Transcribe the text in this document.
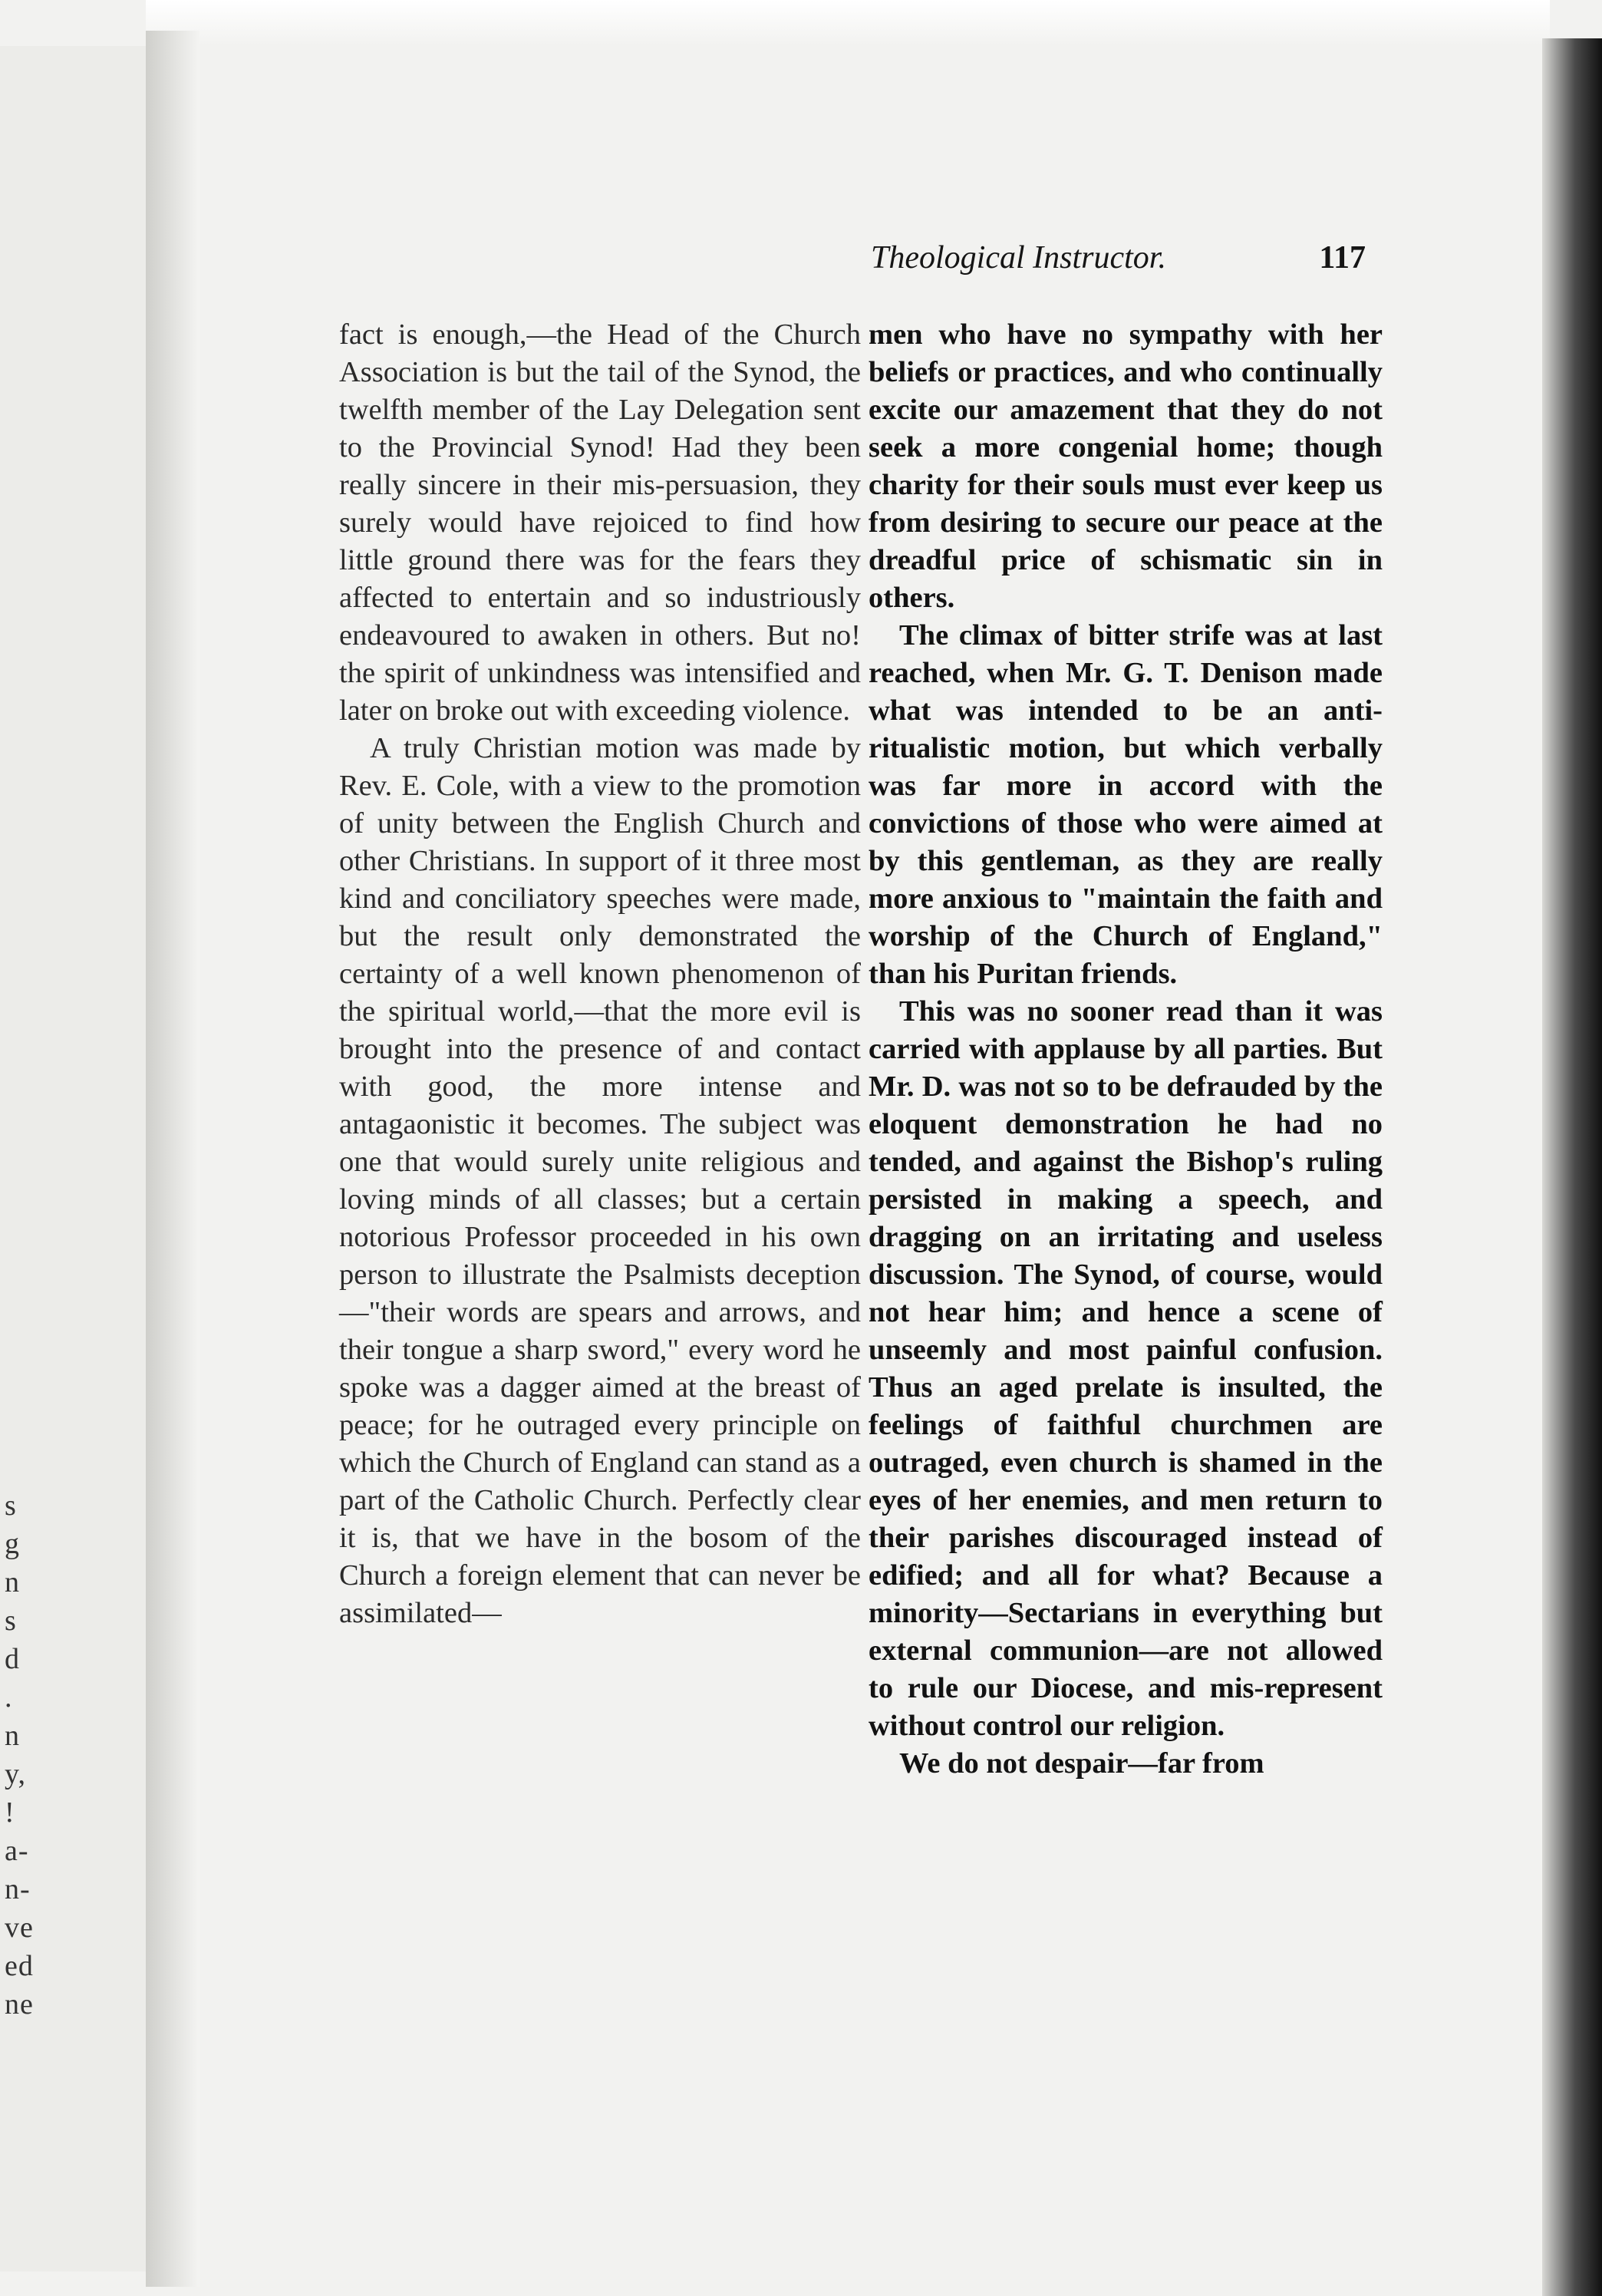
s
g
n
s
d
.
n
y,
!
a-
n-
ve
ed
ne
Theological Instructor.	117

fact is enough,—the Head of the Church Association is but the tail of the Synod, the twelfth member of the Lay Delegation sent to the Provincial Synod! Had they been really sincere in their mis-persuasion, they surely would have rejoiced to find how little ground there was for the fears they affected to entertain and so industriously endeavoured to awaken in others. But no! the spirit of unkindness was intensified and later on broke out with exceeding violence.

A truly Christian motion was made by Rev. E. Cole, with a view to the promotion of unity between the English Church and other Christians. In support of it three most kind and conciliatory speeches were made, but the result only demonstrated the certainty of a well known phenomenon of the spiritual world,—that the more evil is brought into the presence of and contact with good, the more intense and antagaonistic it becomes. The subject was one that would surely unite religious and loving minds of all classes; but a certain notorious Professor proceeded in his own person to illustrate the Psalmists deception—"their words are spears and arrows, and their tongue a sharp sword," every word he spoke was a dagger aimed at the breast of peace; for he outraged every principle on which the Church of England can stand as a part of the Catholic Church. Perfectly clear it is, that we have in the bosom of the Church a foreign element that can never be assimilated—

men who have no sympathy with her beliefs or practices, and who continually excite our amazement that they do not seek a more congenial home; though charity for their souls must ever keep us from desiring to secure our peace at the dreadful price of schismatic sin in others.

The climax of bitter strife was at last reached, when Mr. G. T. Denison made what was intended to be an anti-ritualistic motion, but which verbally was far more in accord with the convictions of those who were aimed at by this gentleman, as they are really more anxious to "maintain the faith and worship of the Church of England," than his Puritan friends.

This was no sooner read than it was carried with applause by all parties. But Mr. D. was not so to be defrauded by the eloquent demonstration he had no tended, and against the Bishop's ruling persisted in making a speech, and dragging on an irritating and useless discussion. The Synod, of course, would not hear him; and hence a scene of unseemly and most painful confusion. Thus an aged prelate is insulted, the feelings of faithful churchmen are outraged, even church is shamed in the eyes of her enemies, and men return to their parishes discouraged instead of edified; and all for what? Because a minority—Sectarians in everything but external communion—are not allowed to rule our Diocese, and mis-represent without control our religion.

We do not despair—far from
